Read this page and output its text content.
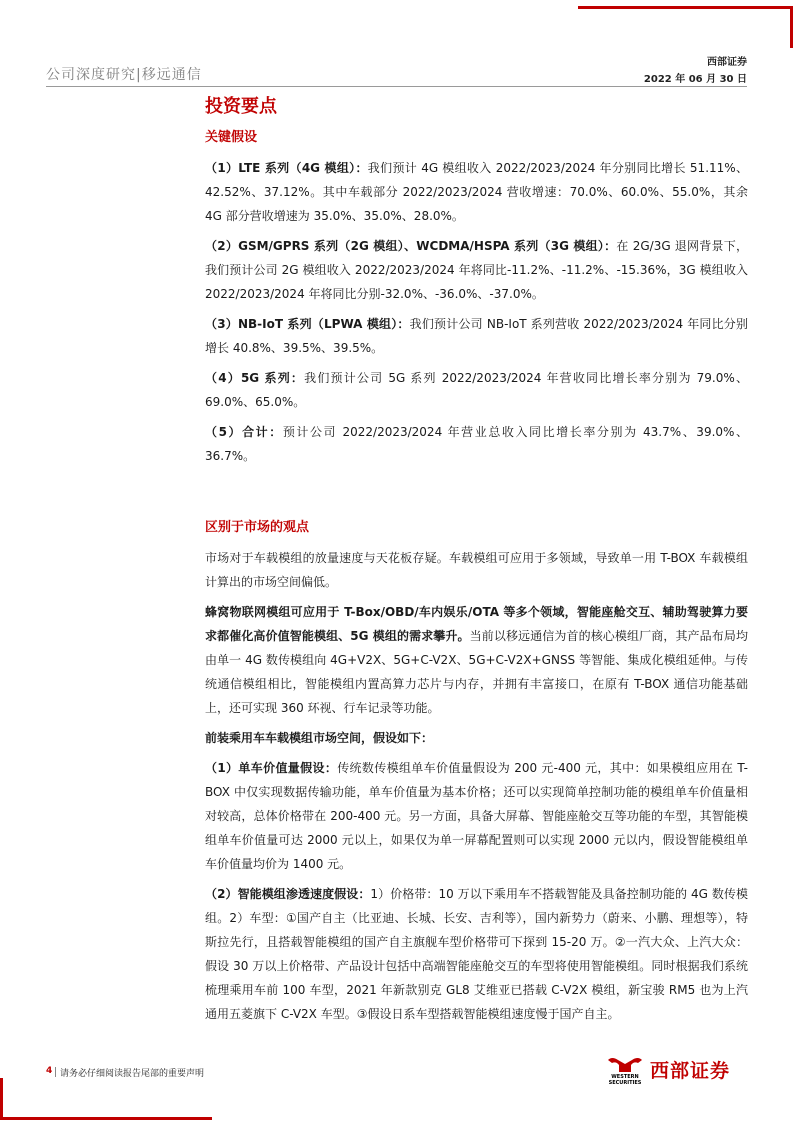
西部证券
2022 年 06 月 30 日
公司深度研究|移远通信
投资要点
关键假设

（1）LTE 系列（4G 模组）：我们预计 4G 模组收入 2022/2023/2024 年分别同比增长 51.11%、42.52%、37.12%。其中车载部分 2022/2023/2024 营收增速：70.0%、60.0%、55.0%，其余 4G 部分营收增速为 35.0%、35.0%、28.0%。

（2）GSM/GPRS 系列（2G 模组）、WCDMA/HSPA 系列（3G 模组）：在 2G/3G 退网背景下，我们预计公司 2G 模组收入 2022/2023/2024 年将同比-11.2%、-11.2%、-15.36%，3G 模组收入 2022/2023/2024 年将同比分别-32.0%、-36.0%、-37.0%。

（3）NB-IoT 系列（LPWA 模组）：我们预计公司 NB-IoT 系列营收 2022/2023/2024 年同比分别增长 40.8%、39.5%、39.5%。

（4）5G 系列：我们预计公司 5G 系列 2022/2023/2024 年营收同比增长率分别为 79.0%、69.0%、65.0%。

（5）合计：预计公司 2022/2023/2024 年营业总收入同比增长率分别为 43.7%、39.0%、36.7%。

区别于市场的观点

市场对于车载模组的放量速度与天花板存疑。车载模组可应用于多领域，导致单一用 T-BOX 车载模组计算出的市场空间偏低。

蜂窝物联网模组可应用于 T-Box/OBD/车内娱乐/OTA 等多个领域，智能座舱交互、辅助驾驶算力要求都催化高价值智能模组、5G 模组的需求攀升。当前以移远通信为首的核心模组厂商，其产品布局均由单一 4G 数传模组向 4G+V2X、5G+C-V2X、5G+C-V2X+GNSS 等智能、集成化模组延伸。与传统通信模组相比，智能模组内置高算力芯片与内存，并拥有丰富接口，在原有 T-BOX 通信功能基础上，还可实现 360 环视、行车记录等功能。

前装乘用车车载模组市场空间，假设如下：

（1）单车价值量假设：传统数传模组单车价值量假设为 200 元-400 元，其中：如果模组应用在 T-BOX 中仅实现数据传输功能，单车价值量为基本价格；还可以实现简单控制功能的模组单车价值量相对较高，总体价格带在 200-400 元。另一方面，具备大屏幕、智能座舱交互等功能的车型，其智能模组单车价值量可达 2000 元以上，如果仅为单一屏幕配置则可以实现 2000 元以内，假设智能模组单车价值量均价为 1400 元。

（2）智能模组渗透速度假设：1）价格带：10 万以下乘用车不搭载智能及具备控制功能的 4G 数传模组。2）车型：①国产自主（比亚迪、长城、长安、吉利等），国内新势力（蔚来、小鹏、理想等），特斯拉先行，且搭载智能模组的国产自主旗舰车型价格带可下探到 15-20 万。②一汽大众、上汽大众：假设 30 万以上价格带、产品设计包括中高端智能座舱交互的车型将使用智能模组。同时根据我们系统梳理乘用车前 100 车型，2021 年新款别克 GL8 艾维亚已搭载 C-V2X 模组，新宝骏 RM5 也为上汽通用五菱旗下 C-V2X 车型。③假设日系车型搭载智能模组速度慢于国产自主。

4 请务必仔细阅读报告尾部的重要声明	WESTERN SECURITIES
西部证券
